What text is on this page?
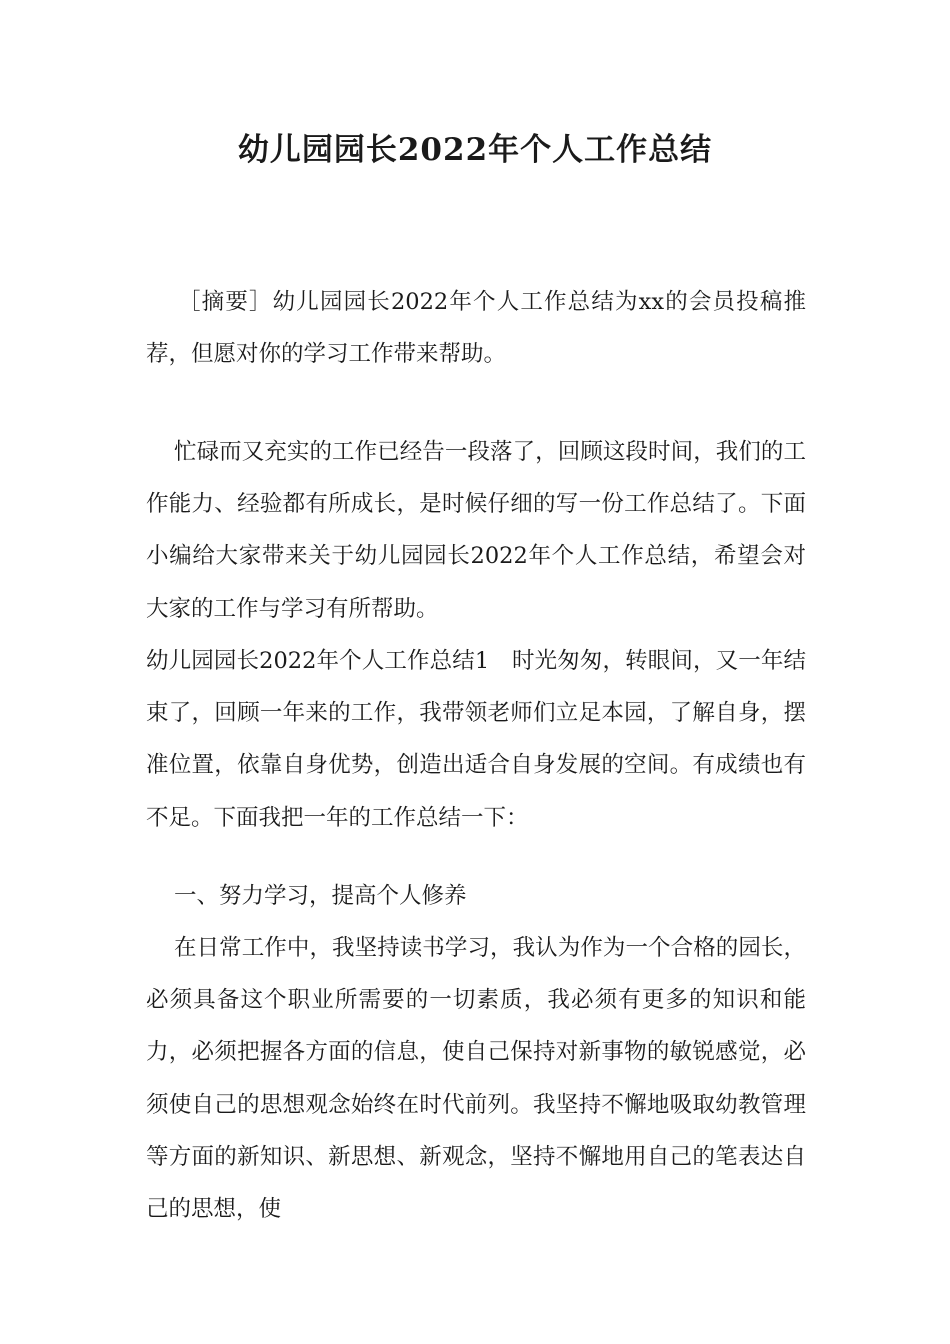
幼儿园园长2022年个人工作总结

［摘要］幼儿园园长2022年个人工作总结为xx的会员投稿推荐，但愿对你的学习工作带来帮助。

忙碌而又充实的工作已经告一段落了，回顾这段时间，我们的工作能力、经验都有所成长，是时候仔细的写一份工作总结了。下面小编给大家带来关于幼儿园园长2022年个人工作总结，希望会对大家的工作与学习有所帮助。

幼儿园园长2022年个人工作总结1　时光匆匆，转眼间，又一年结束了，回顾一年来的工作，我带领老师们立足本园，了解自身，摆准位置，依靠自身优势，创造出适合自身发展的空间。有成绩也有不足。下面我把一年的工作总结一下：

一、努力学习，提高个人修养

在日常工作中，我坚持读书学习，我认为作为一个合格的园长，必须具备这个职业所需要的一切素质，我必须有更多的知识和能力，必须把握各方面的信息，使自己保持对新事物的敏锐感觉，必须使自己的思想观念始终在时代前列。我坚持不懈地吸取幼教管理等方面的新知识、新思想、新观念，坚持不懈地用自己的笔表达自己的思想，使
